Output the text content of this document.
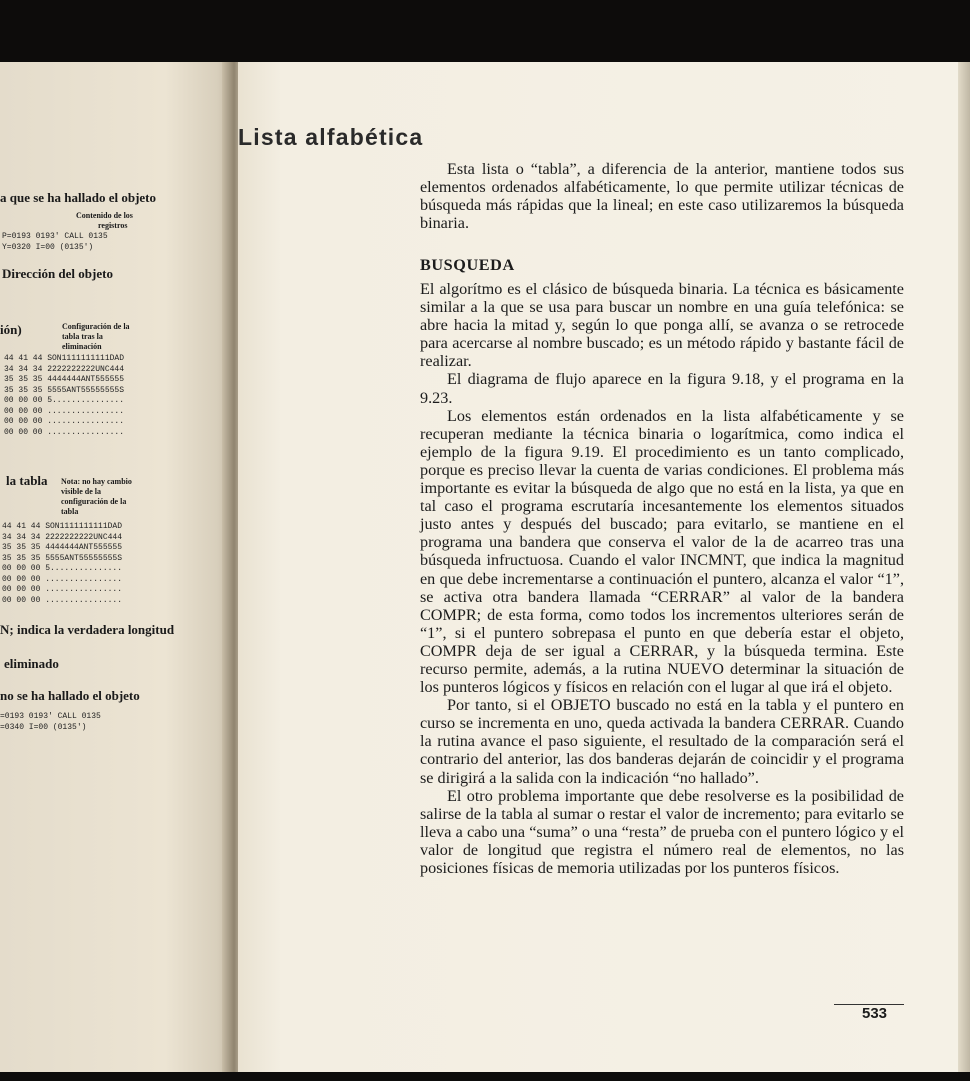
a que se ha hallado el objeto
Contenido de los
registros
P=0193 0193' CALL 0135
Y=0320 I=00 (0135')
Dirección del objeto
ión)	Configuración de la
tabla tras la
eliminación
44 41 44 SON1111111111DAD
34 34 34 2222222222UNC444
35 35 35 4444444ANT555555
35 35 35 5555ANT55555555S
00 00 00 5...............
00 00 00 ................
00 00 00 ................
00 00 00 ................
la tabla Nota: no hay cambio
visible de la
configuración de la
tabla
44 41 44 SON1111111111DAD
34 34 34 2222222222UNC444
35 35 35 4444444ANT555555
35 35 35 5555ANT55555555S
00 00 00 5...............
00 00 00 ................
00 00 00 ................
00 00 00 ................
N; indica la verdadera longitud
eliminado
no se ha hallado el objeto
=0193 0193' CALL 0135
=0340 I=00 (0135')
Lista alfabética

Esta lista o “tabla”, a diferencia de la anterior, mantiene todos sus elementos ordenados alfabéticamente, lo que permite utilizar técnicas de búsqueda más rápidas que la lineal; en este caso utilizaremos la búsqueda binaria.

BUSQUEDA

El algorítmo es el clásico de búsqueda binaria. La técnica es básicamente similar a la que se usa para buscar un nombre en una guía telefónica: se abre hacia la mitad y, según lo que ponga allí, se avanza o se retrocede para acercarse al nombre buscado; es un método rápido y bastante fácil de realizar.

El diagrama de flujo aparece en la figura 9.18, y el programa en la 9.23.

Los elementos están ordenados en la lista alfabéticamente y se recuperan mediante la técnica binaria o logarítmica, como indica el ejemplo de la figura 9.19. El procedimiento es un tanto complicado, porque es preciso llevar la cuenta de varias condiciones. El problema más importante es evitar la búsqueda de algo que no está en la lista, ya que en tal caso el programa escrutaría incesantemente los elementos situados justo antes y después del buscado; para evitarlo, se mantiene en el programa una bandera que conserva el valor de la de acarreo tras una búsqueda infructuosa. Cuando el valor INCMNT, que indica la magnitud en que debe incrementarse a continuación el puntero, alcanza el valor “1”, se activa otra bandera llamada “CERRAR” al valor de la bandera COMPR; de esta forma, como todos los incrementos ulteriores serán de “1”, si el puntero sobrepasa el punto en que debería estar el objeto, COMPR deja de ser igual a CERRAR, y la búsqueda termina. Este recurso permite, además, a la rutina NUEVO determinar la situación de los punteros lógicos y físicos en relación con el lugar al que irá el objeto.

Por tanto, si el OBJETO buscado no está en la tabla y el puntero en curso se incrementa en uno, queda activada la bandera CERRAR. Cuando la rutina avance el paso siguiente, el resultado de la comparación será el contrario del anterior, las dos banderas dejarán de coincidir y el programa se dirigirá a la salida con la indicación “no hallado”.

El otro problema importante que debe resolverse es la posibilidad de salirse de la tabla al sumar o restar el valor de incremento; para evitarlo se lleva a cabo una “suma” o una “resta” de prueba con el puntero lógico y el valor de longitud que registra el número real de elementos, no las posiciones físicas de memoria utilizadas por los punteros físicos.

533
